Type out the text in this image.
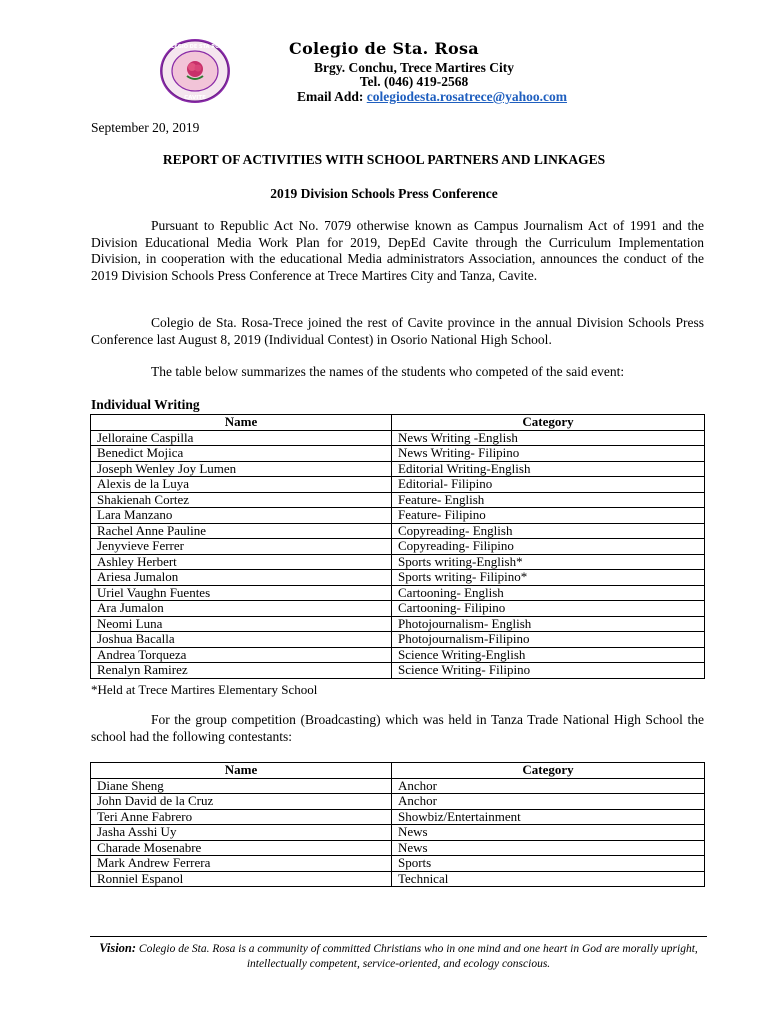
COLEGIO DE STA ROSA
CAVITE
Colegio de Sta. Rosa
Brgy. Conchu, Trece Martires City
Tel. (046) 419-2568
Email Add: colegiodesta.rosatrece@yahoo.com
September 20, 2019
REPORT OF ACTIVITIES WITH SCHOOL PARTNERS AND LINKAGES
2019 Division Schools Press Conference

Pursuant to Republic Act No. 7079 otherwise known as Campus Journalism Act of 1991 and the Division Educational Media Work Plan for 2019, DepEd Cavite through the Curriculum Implementation Division, in cooperation with the educational Media administrators Association, announces the conduct of the 2019 Division Schools Press Conference at Trece Martires City and Tanza, Cavite.

Colegio de Sta. Rosa-Trece joined the rest of Cavite province in the annual Division Schools Press Conference last August 8, 2019 (Individual Contest) in Osorio National High School.

The table below summarizes the names of the students who competed of the said event:

Individual Writing
Name	Category
Jelloraine Caspilla	News Writing -English
Benedict Mojica	News Writing- Filipino
Joseph Wenley Joy Lumen	Editorial Writing-English
Alexis de la Luya	Editorial- Filipino
Shakienah Cortez	Feature- English
Lara Manzano	Feature- Filipino
Rachel Anne Pauline	Copyreading- English
Jenyvieve Ferrer	Copyreading- Filipino
Ashley Herbert	Sports writing-English*
Ariesa Jumalon	Sports writing- Filipino*
Uriel Vaughn Fuentes	Cartooning- English
Ara Jumalon	Cartooning- Filipino
Neomi Luna	Photojournalism- English
Joshua Bacalla	Photojournalism-Filipino
Andrea Torqueza	Science Writing-English
Renalyn Ramirez	Science Writing- Filipino
*Held at Trece Martires Elementary School

For the group competition (Broadcasting) which was held in Tanza Trade National High School the school had the following contestants:

Name	Category
Diane Sheng	Anchor
John David de la Cruz	Anchor
Teri Anne Fabrero	Showbiz/Entertainment
Jasha Asshi Uy	News
Charade Mosenabre	News
Mark Andrew Ferrera	Sports
Ronniel Espanol	Technical
Vision: Colegio de Sta. Rosa is a community of committed Christians who in one mind and one heart in God are morally upright, intellectually competent, service-oriented, and ecology conscious.
